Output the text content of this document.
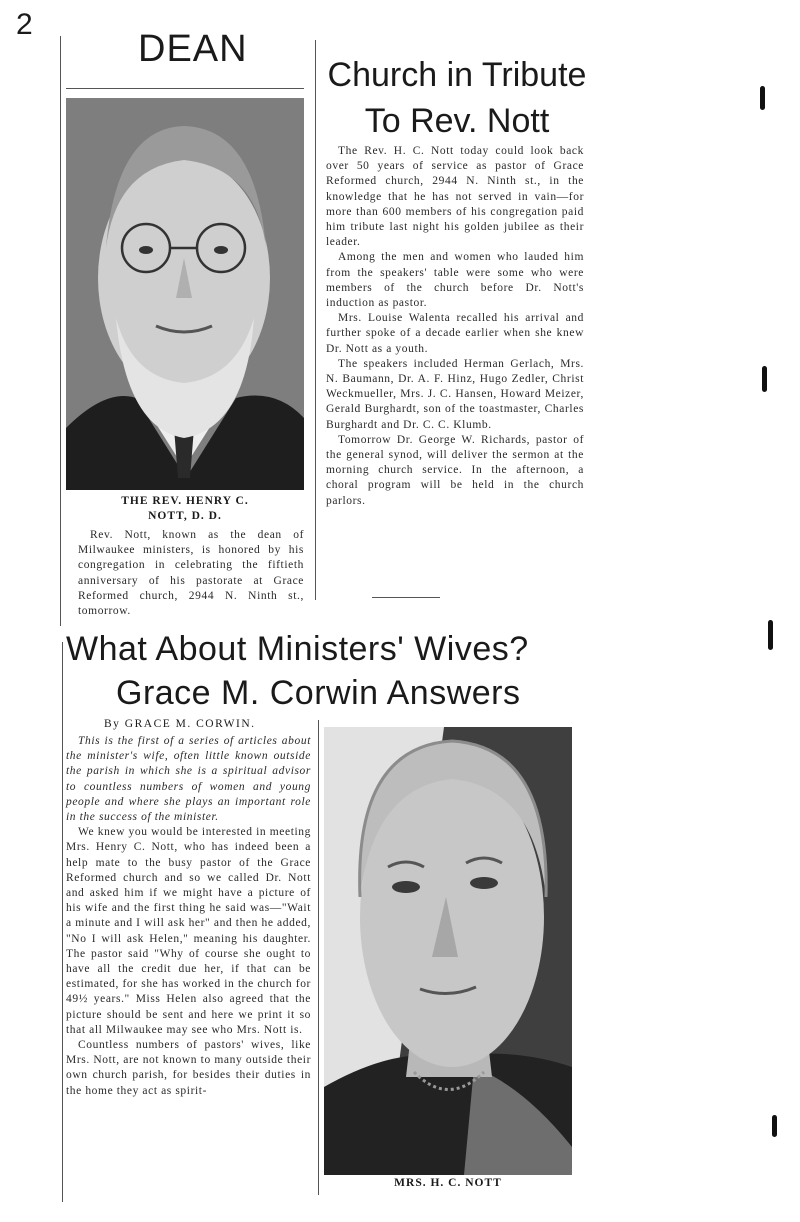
2
DEAN
THE REV. HENRY C.
NOTT, D. D.

Rev. Nott, known as the dean of Milwaukee ministers, is honored by his congregation in celebrating the fiftieth anniversary of his pastorate at Grace Reformed church, 2944 N. Ninth st., tomorrow.

Church in Tribute
To Rev. Nott

The Rev. H. C. Nott today could look back over 50 years of service as pastor of Grace Reformed church, 2944 N. Ninth st., in the knowledge that he has not served in vain—for more than 600 members of his congregation paid him tribute last night his golden jubilee as their leader.

Among the men and women who lauded him from the speakers' table were some who were members of the church before Dr. Nott's induction as pastor.

Mrs. Louise Walenta recalled his arrival and further spoke of a decade earlier when she knew Dr. Nott as a youth.

The speakers included Herman Gerlach, Mrs. N. Baumann, Dr. A. F. Hinz, Hugo Zedler, Christ Weckmueller, Mrs. J. C. Hansen, Howard Meizer, Gerald Burghardt, son of the toastmaster, Charles Burghardt and Dr. C. C. Klumb.

Tomorrow Dr. George W. Richards, pastor of the general synod, will deliver the sermon at the morning church service. In the afternoon, a choral program will be held in the church parlors.

What About Ministers' Wives?
Grace M. Corwin Answers
By GRACE M. CORWIN.

This is the first of a series of articles about the minister's wife, often little known outside the parish in which she is a spiritual advisor to countless numbers of women and young people and where she plays an important role in the success of the minister.

We knew you would be interested in meeting Mrs. Henry C. Nott, who has indeed been a help mate to the busy pastor of the Grace Reformed church and so we called Dr. Nott and asked him if we might have a picture of his wife and the first thing he said was—"Wait a minute and I will ask her" and then he added, "No I will ask Helen," meaning his daughter. The pastor said "Why of course she ought to have all the credit due her, if that can be estimated, for she has worked in the church for 49½ years." Miss Helen also agreed that the picture should be sent and here we print it so that all Milwaukee may see who Mrs. Nott is.

Countless numbers of pastors' wives, like Mrs. Nott, are not known to many outside their own church parish, for besides their duties in the home they act as spirit-

MRS. H. C. NOTT
